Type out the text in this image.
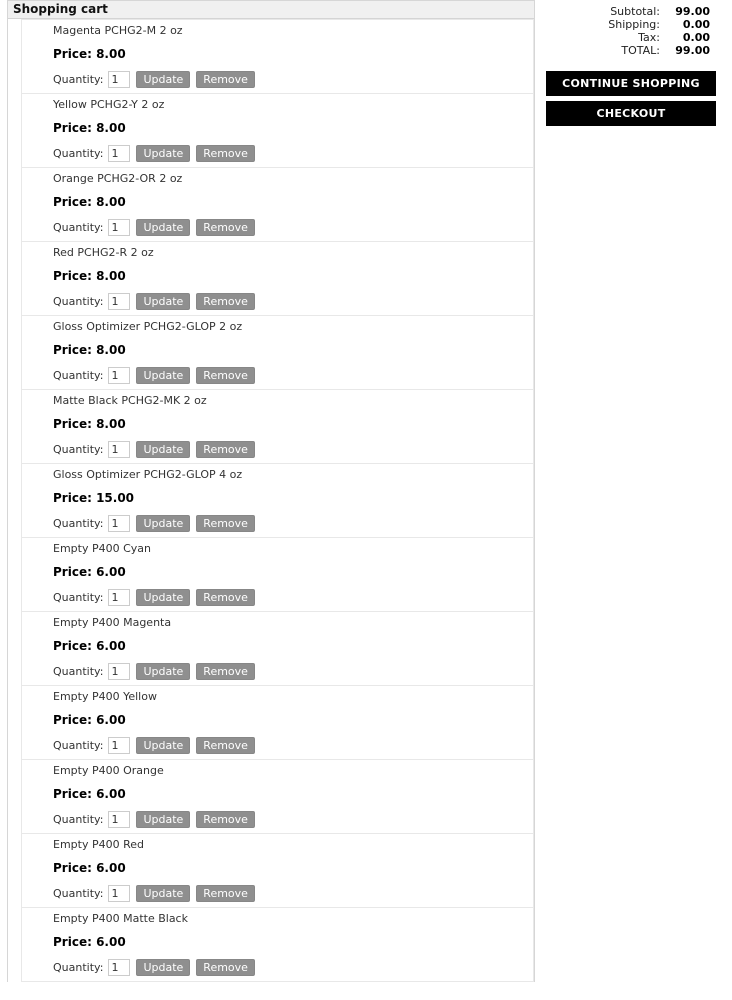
Shopping cart
Magenta PCHG2-M 2 oz
Price: 8.00
Quantity:
1	Update	Remove
Yellow PCHG2-Y 2 oz
Price: 8.00
Quantity:
1	Update	Remove
Orange PCHG2-OR 2 oz
Price: 8.00
Quantity:
1	Update	Remove
Red PCHG2-R 2 oz
Price: 8.00
Quantity:
1	Update	Remove
Gloss Optimizer PCHG2-GLOP 2 oz
Price: 8.00
Quantity:
1	Update	Remove
Matte Black PCHG2-MK 2 oz
Price: 8.00
Quantity:
1	Update	Remove
Gloss Optimizer PCHG2-GLOP 4 oz
Price: 15.00
Quantity:
1	Update	Remove
Empty P400 Cyan
Price: 6.00
Quantity:
1	Update	Remove
Empty P400 Magenta
Price: 6.00
Quantity:
1	Update	Remove
Empty P400 Yellow
Price: 6.00
Quantity:
1	Update	Remove
Empty P400 Orange
Price: 6.00
Quantity:
1	Update	Remove
Empty P400 Red
Price: 6.00
Quantity:
1	Update	Remove
Empty P400 Matte Black
Price: 6.00
Quantity:
1	Update	Remove
Subtotal:	99.00
Shipping:	0.00
Tax:	0.00
TOTAL:	99.00
CONTINUE SHOPPING
CHECKOUT
